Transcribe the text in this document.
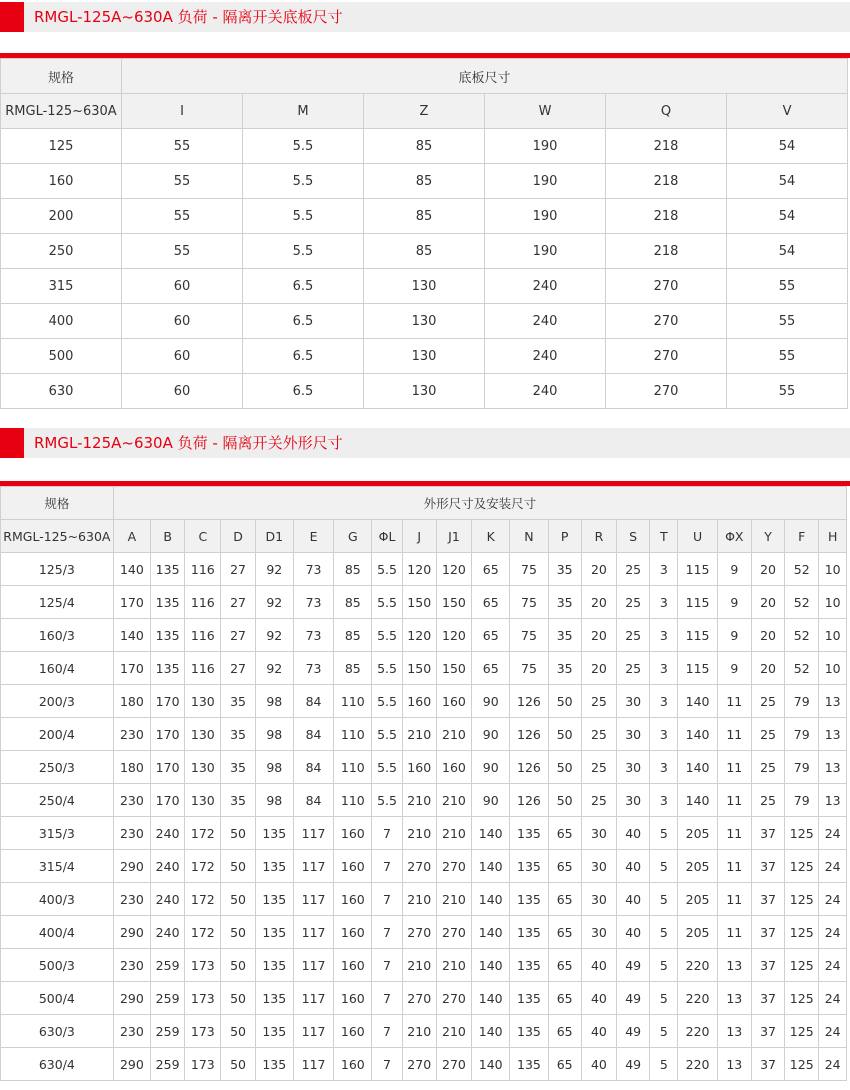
RMGL-125A~630A 负荷 - 隔离开关底板尺寸
规格	底板尺寸					
RMGL-125~630A	I	M	Z	W	Q	V
125	55	5.5	85	190	218	54
160	55	5.5	85	190	218	54
200	55	5.5	85	190	218	54
250	55	5.5	85	190	218	54
315	60	6.5	130	240	270	55
400	60	6.5	130	240	270	55
500	60	6.5	130	240	270	55
630	60	6.5	130	240	270	55
RMGL-125A~630A 负荷 - 隔离开关外形尺寸
规格	外形尺寸及安装尺寸																				
RMGL-125~630A	A	B	C	D	D1	E	G	ΦL	J	J1	K	N	P	R	S	T	U	ΦX	Y	F	H
125/3	140	135	116	27	92	73	85	5.5	120	120	65	75	35	20	25	3	115	9	20	52	10
125/4	170	135	116	27	92	73	85	5.5	150	150	65	75	35	20	25	3	115	9	20	52	10
160/3	140	135	116	27	92	73	85	5.5	120	120	65	75	35	20	25	3	115	9	20	52	10
160/4	170	135	116	27	92	73	85	5.5	150	150	65	75	35	20	25	3	115	9	20	52	10
200/3	180	170	130	35	98	84	110	5.5	160	160	90	126	50	25	30	3	140	11	25	79	13
200/4	230	170	130	35	98	84	110	5.5	210	210	90	126	50	25	30	3	140	11	25	79	13
250/3	180	170	130	35	98	84	110	5.5	160	160	90	126	50	25	30	3	140	11	25	79	13
250/4	230	170	130	35	98	84	110	5.5	210	210	90	126	50	25	30	3	140	11	25	79	13
315/3	230	240	172	50	135	117	160	7	210	210	140	135	65	30	40	5	205	11	37	125	24
315/4	290	240	172	50	135	117	160	7	270	270	140	135	65	30	40	5	205	11	37	125	24
400/3	230	240	172	50	135	117	160	7	210	210	140	135	65	30	40	5	205	11	37	125	24
400/4	290	240	172	50	135	117	160	7	270	270	140	135	65	30	40	5	205	11	37	125	24
500/3	230	259	173	50	135	117	160	7	210	210	140	135	65	40	49	5	220	13	37	125	24
500/4	290	259	173	50	135	117	160	7	270	270	140	135	65	40	49	5	220	13	37	125	24
630/3	230	259	173	50	135	117	160	7	210	210	140	135	65	40	49	5	220	13	37	125	24
630/4	290	259	173	50	135	117	160	7	270	270	140	135	65	40	49	5	220	13	37	125	24
